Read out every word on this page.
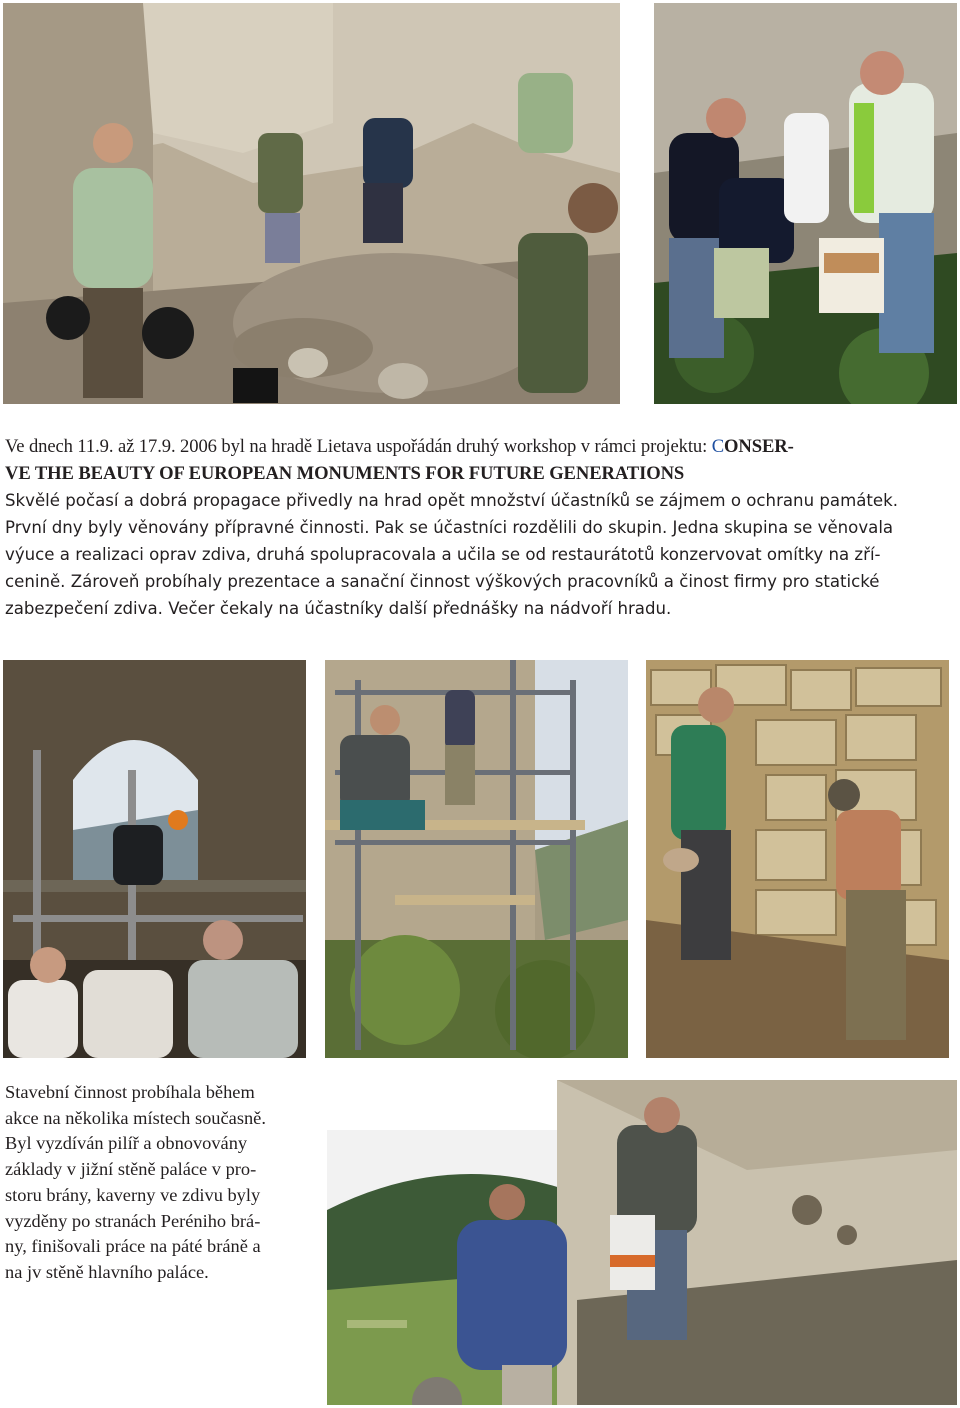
Ve dnech 11.9. až 17.9. 2006 byl na hradě Lietava uspořádán druhý workshop v rámci projektu: CONSER-

VE THE BEAUTY OF EUROPEAN MONUMENTS FOR FUTURE GENERATIONS

Skvělé počasí a dobrá propagace přivedly na hrad opět množství účastníků se zájmem o ochranu památek.

První dny byly věnovány přípravné činnosti. Pak se účastníci rozdělili do skupin. Jedna skupina se věnovala

výuce a realizaci oprav zdiva, druhá spolupracovala a učila se od restaurátotů konzervovat omítky na zří-

cenině. Zároveň probíhaly prezentace a sanační činnost výškových pracovníků a činost firmy pro statické

zabezpečení zdiva. Večer čekaly na účastníky další přednášky na nádvoří hradu.

Stavební činnost probíhala během

akce na několika místech současně.

Byl vyzdíván pilíř a obnovovány

základy v jižní stěně paláce v pro-

storu brány, kaverny ve zdivu byly

vyzděny po stranách Peréniho brá-

ny, finišovali práce na páté bráně a

na jv stěně hlavního paláce.
